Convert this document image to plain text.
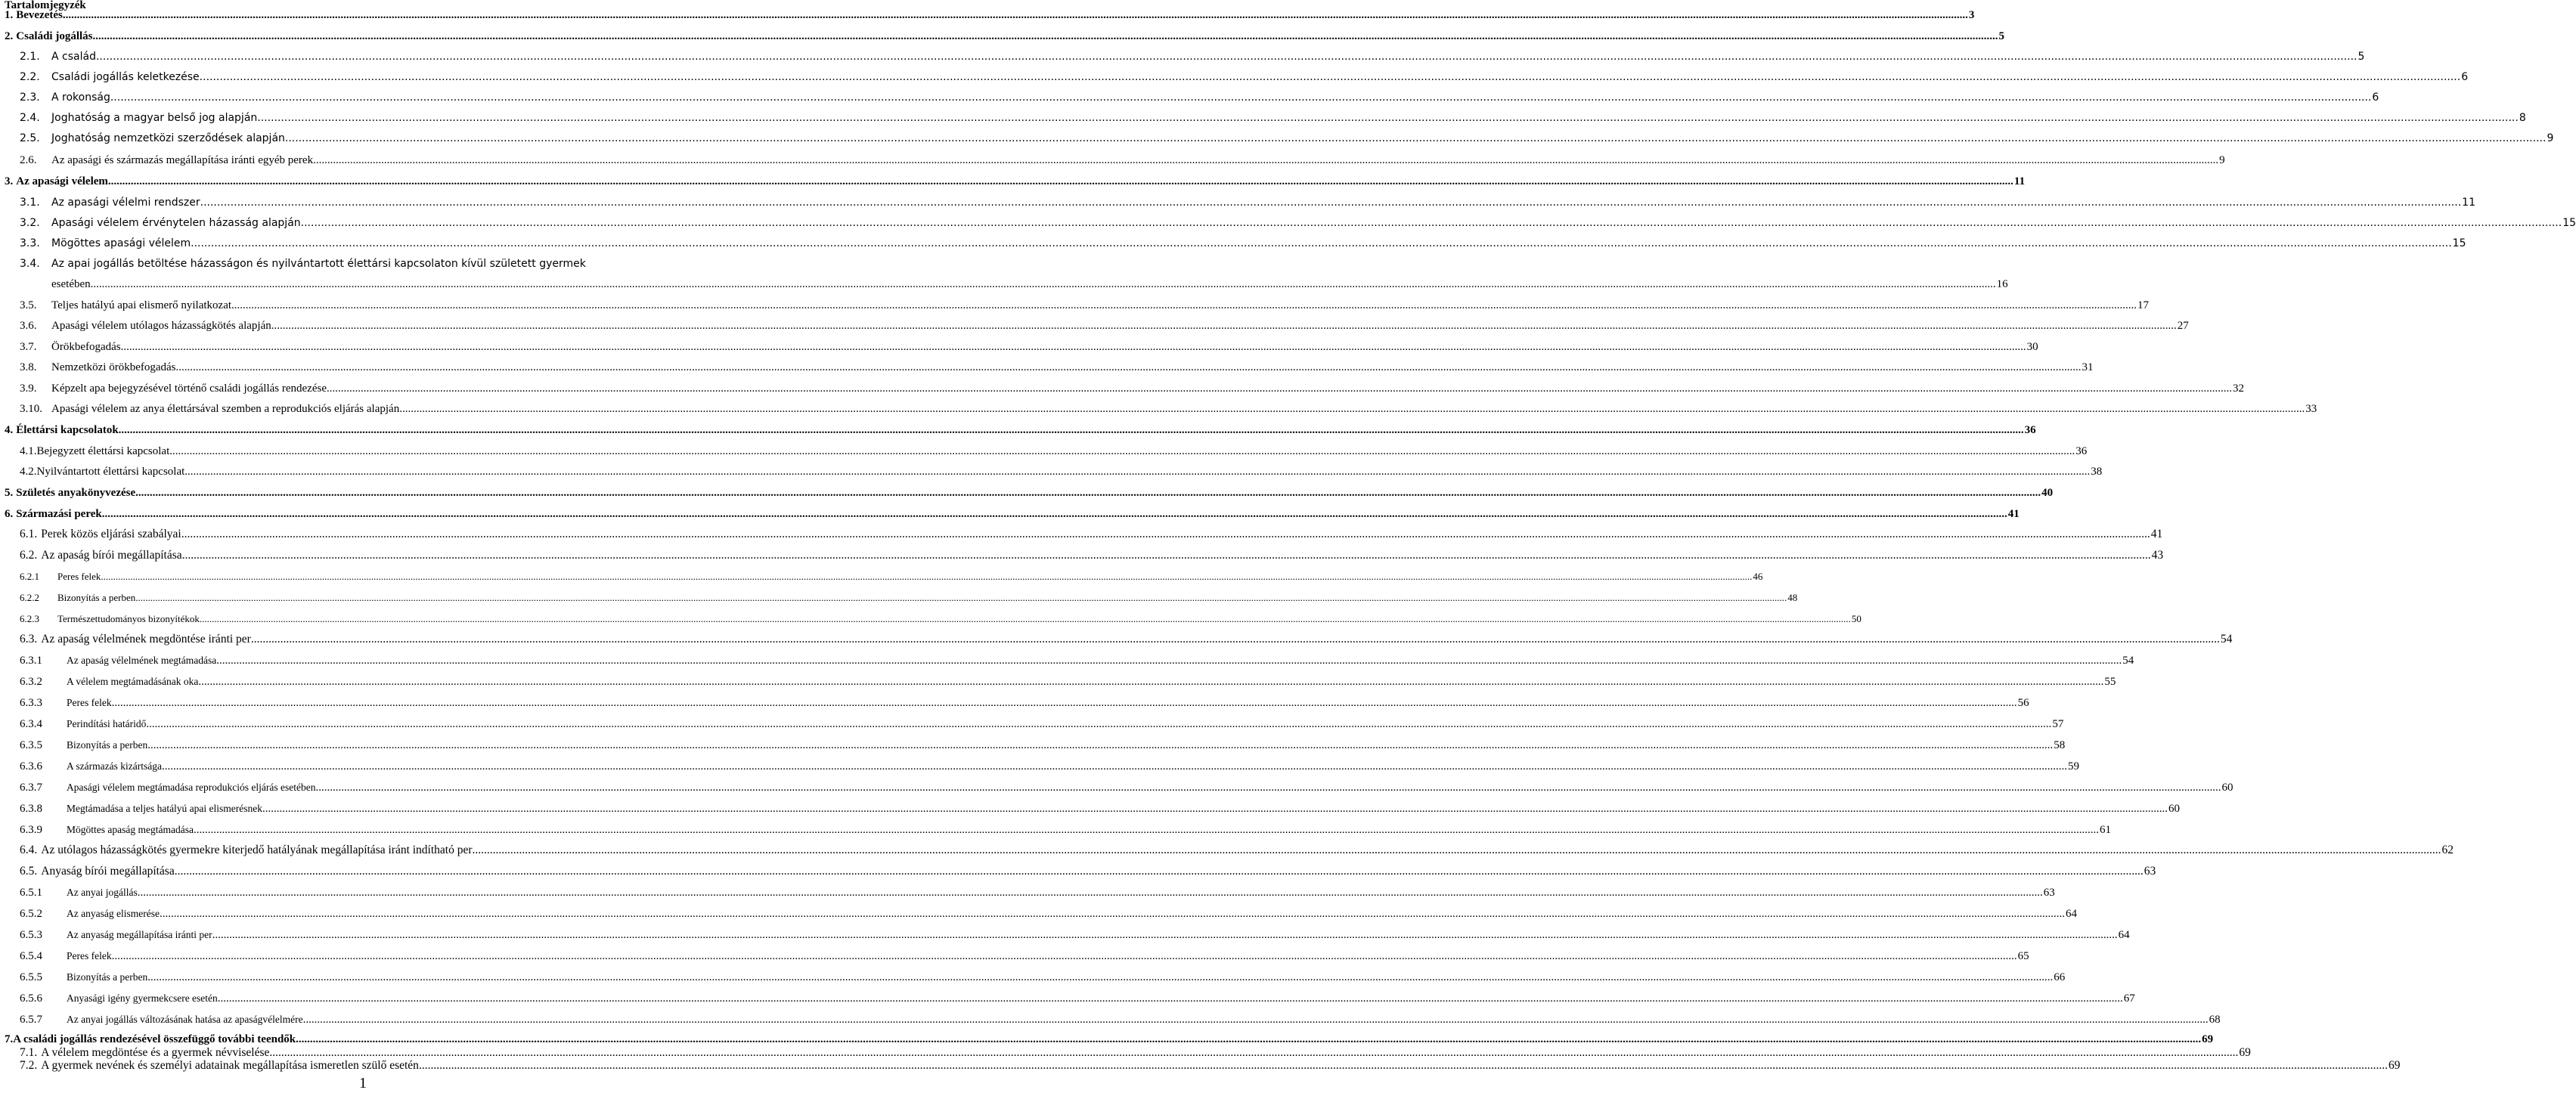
Tartalomjegyzék
1. Bevezetés .....	3
2. Családi jogállás .....	5
2.1.	A család .....	5
2.2.	Családi jogállás keletkezése .....	6
2.3.	A rokonság .....	6
2.4.	Joghatóság a magyar belső jog alapján .....	8
2.5.	Joghatóság nemzetközi szerződések alapján .....	9
2.6.	Az apasági és származás megállapítása iránti egyéb perek .....	9
3. Az apasági vélelem .....	11
3.1.	Az apasági vélelmi rendszer .....	11
3.2.	Apasági vélelem érvénytelen házasság alapján .....	15
3.3.	Mögöttes apasági vélelem .....	15
3.4.	Az apai jogállás betöltése házasságon és nyilvántartott élettársi kapcsolaton kívül született gyermek
esetében .....	16
3.5.	Teljes hatályú apai elismerő nyilatkozat .....	17
3.6.	Apasági vélelem utólagos házasságkötés alapján .....	27
3.7.	Örökbefogadás .....	30
3.8.	Nemzetközi örökbefogadás .....	31
3.9.	Képzelt apa bejegyzésével történő családi jogállás rendezése .....	32
3.10. Apasági vélelem az anya élettársával szemben a reprodukciós eljárás alapján .....	33
4. Élettársi kapcsolatok .....	36
4.1. Bejegyzett élettársi kapcsolat .....	36
4.2. Nyilvántartott élettársi kapcsolat .....	38
5. Születés anyakönyvezése .....	40
6. Származási perek .....	41
6.1. Perek közös eljárási szabályai .....	41
6.2. Az apaság bírói megállapítása .....	43
6.2.1	Peres felek .....	46
6.2.2	Bizonyítás a perben .....	48
6.2.3	Természettudományos bizonyítékok .....	50
6.3. Az apaság vélelmének megdöntése iránti per .....	54
6.3.1	Az apaság vélelmének megtámadása .....	54
6.3.2	A vélelem megtámadásának oka .....	55
6.3.3	Peres felek .....	56
6.3.4	Perindítási határidő .....	57
6.3.5	Bizonyítás a perben .....	58
6.3.6	A származás kizártsága .....	59
6.3.7	Apasági vélelem megtámadása reprodukciós eljárás esetében .....	60
6.3.8	Megtámadása a teljes hatályú apai elismerésnek .....	60
6.3.9	Mögöttes apaság megtámadása .....	61
6.4. Az utólagos házasságkötés gyermekre kiterjedő hatályának megállapítása iránt indítható per .....	62
6.5. Anyaság bírói megállapítása .....	63
6.5.1	Az anyai jogállás .....	63
6.5.2	Az anyaság elismerése .....	64
6.5.3	Az anyaság megállapítása iránti per .....	64
6.5.4	Peres felek .....	65
6.5.5	Bizonyítás a perben .....	66
6.5.6	Anyasági igény gyermekcsere esetén .....	67
6.5.7	Az anyai jogállás változásának hatása az apaságvélelmére .....	68
7. A családi jogállás rendezésével összefüggő további teendők .....	69
7.1. A vélelem megdöntése és a gyermek névviselése .....	69
7.2. A gyermek nevének és személyi adatainak megállapítása ismeretlen szülő esetén .....	69
1
